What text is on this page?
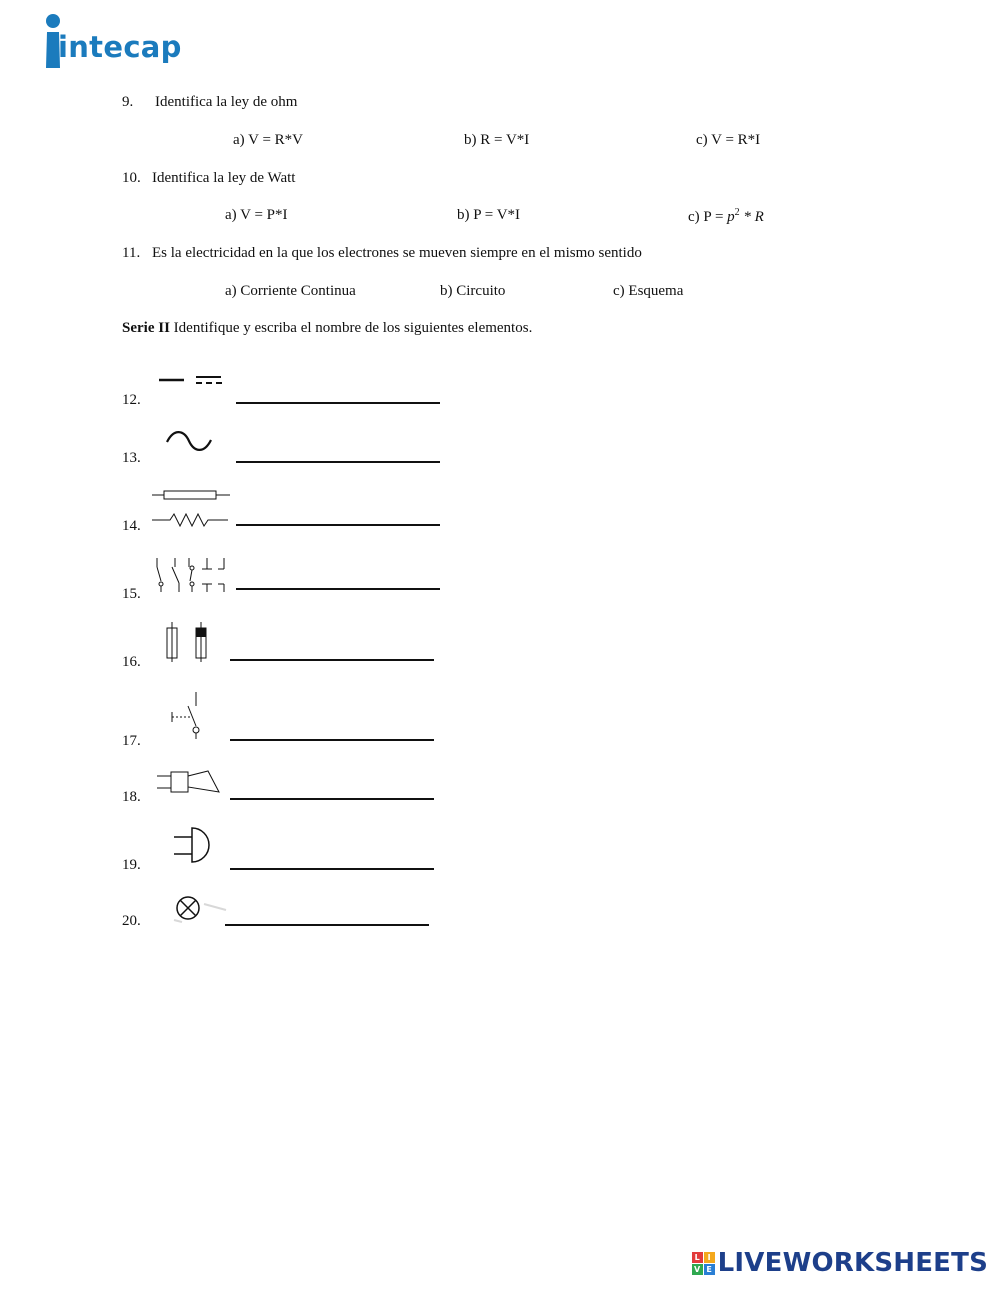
intecap
9. Identifica la ley de ohm
a) V = R*V	b) R = V*I	c) V = R*I
10. Identifica la ley de Watt
a) V = P*I	b) P = V*I	c) $P = p^2 * R$
11. Es la electricidad en la que los electrones se mueven siempre en el mismo sentido
a) Corriente Continua	b) Circuito	c) Esquema
Serie II Identifique y escriba el nombre de los siguientes elementos.
12.
13.
14.
15.
16.
17.
18.
19.
20.
L I
V E LIVEWORKSHEETS
